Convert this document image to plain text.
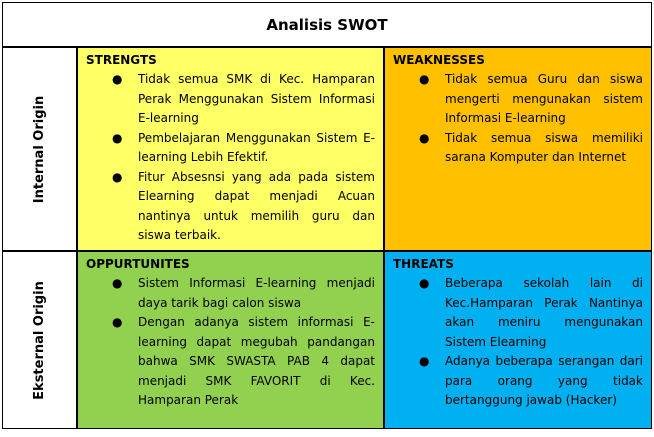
Analisis SWOT
Internal Origin
Eksternal Origin
STRENGTS
● Tidak semua SMK di Kec. Hamparan Perak Menggunakan Sistem Informasi E-learning
● Pembelajaran Menggunakan Sistem E-learning Lebih Efektif.
● Fitur Absesnsi yang ada pada sistem Elearning dapat menjadi Acuan nantinya untuk memilih guru dan siswa terbaik.
WEAKNESSES
● Tidak semua Guru dan siswa mengerti mengunakan sistem Informasi E-learning
● Tidak semua siswa memiliki sarana Komputer dan Internet
OPPURTUNITES
● Sistem Informasi E-learning menjadi daya tarik bagi calon siswa
● Dengan adanya sistem informasi E-learning dapat megubah pandangan bahwa SMK SWASTA PAB 4 dapat menjadi SMK FAVORIT di Kec. Hamparan Perak
THREATS
● Beberapa sekolah lain di Kec.Hamparan Perak Nantinya akan meniru mengunakan Sistem Elearning
● Adanya beberapa serangan dari para orang yang tidak bertanggung jawab (Hacker)
